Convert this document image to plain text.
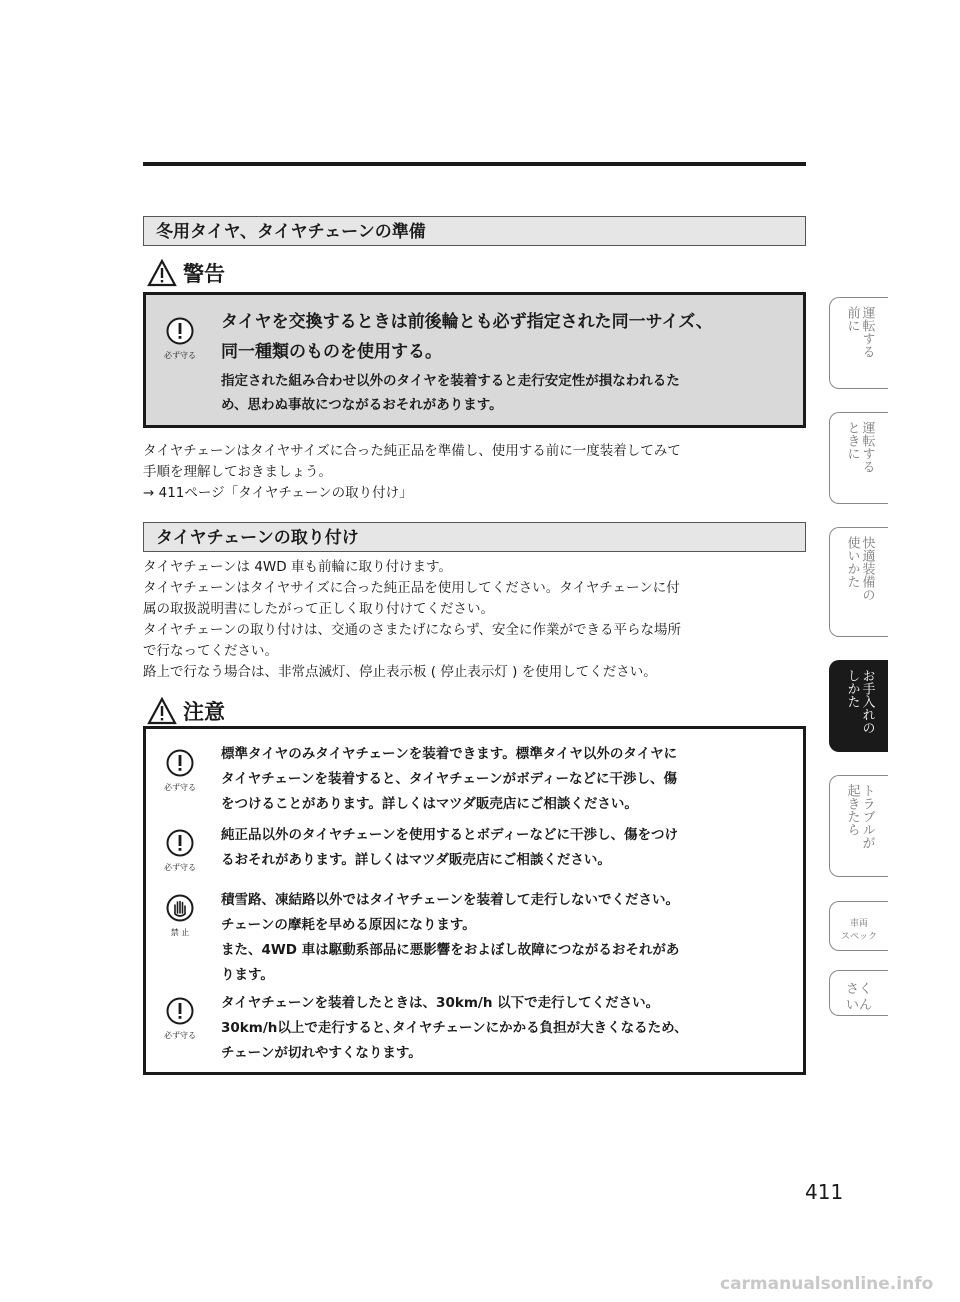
冬用タイヤ、タイヤチェーンの準備
警告
必ず守る
タイヤを交換するときは前後輪とも必ず指定された同一サイズ、
同一種類のものを使用する。
指定された組み合わせ以外のタイヤを装着すると走行安定性が損なわれるた
め、思わぬ事故につながるおそれがあります。
タイヤチェーンはタイヤサイズに合った純正品を準備し、使用する前に一度装着してみて
手順を理解しておきましょう。
→ 411ページ「タイヤチェーンの取り付け」
タイヤチェーンの取り付け
タイヤチェーンは 4WD 車も前輪に取り付けます。
タイヤチェーンはタイヤサイズに合った純正品を使用してください。タイヤチェーンに付
属の取扱説明書にしたがって正しく取り付けてください。
タイヤチェーンの取り付けは、交通のさまたげにならず、安全に作業ができる平らな場所
で行なってください。
路上で行なう場合は、非常点滅灯、停止表示板 ( 停止表示灯 ) を使用してください。
注意
必ず守る
標準タイヤのみタイヤチェーンを装着できます。標準タイヤ以外のタイヤに
タイヤチェーンを装着すると、タイヤチェーンがボディーなどに干渉し、傷
をつけることがあります。詳しくはマツダ販売店にご相談ください。
必ず守る
純正品以外のタイヤチェーンを使用するとボディーなどに干渉し、傷をつけ
るおそれがあります。詳しくはマツダ販売店にご相談ください。
禁 止
積雪路、凍結路以外ではタイヤチェーンを装着して走行しないでください。
チェーンの摩耗を早める原因になります。
また、4WD 車は駆動系部品に悪影響をおよぼし故障につながるおそれがあ
ります。
必ず守る
タイヤチェーンを装着したときは、30km/h 以下で走行してください。
30km/h以上で走行すると､タイヤチェーンにかかる負担が大きくなるため、
チェーンが切れやすくなります。
運転する
前に
運転する
ときに
快適装備の
使いかた
お手入れの
しかた
トラブルが
起きたら
車両
スペック
さく
いん
411
carmanualsonline.info
